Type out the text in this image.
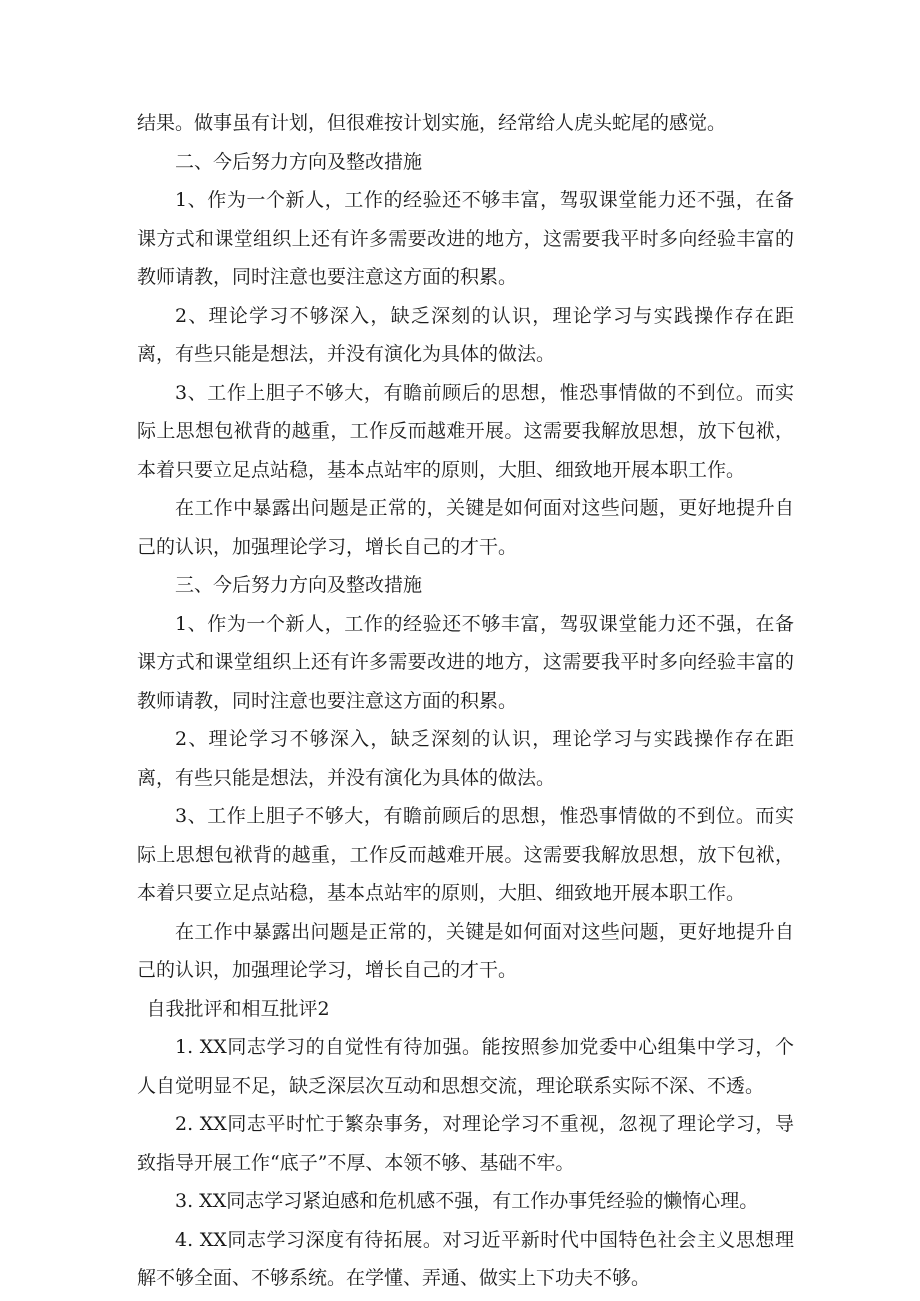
结果。做事虽有计划，但很难按计划实施，经常给人虎头蛇尾的感觉。

二、今后努力方向及整改措施

1、作为一个新人，工作的经验还不够丰富，驾驭课堂能力还不强，在备课方式和课堂组织上还有许多需要改进的地方，这需要我平时多向经验丰富的教师请教，同时注意也要注意这方面的积累。

2、理论学习不够深入，缺乏深刻的认识，理论学习与实践操作存在距离，有些只能是想法，并没有演化为具体的做法。

3、工作上胆子不够大，有瞻前顾后的思想，惟恐事情做的不到位。而实际上思想包袱背的越重，工作反而越难开展。这需要我解放思想，放下包袱，本着只要立足点站稳，基本点站牢的原则，大胆、细致地开展本职工作。

在工作中暴露出问题是正常的，关键是如何面对这些问题，更好地提升自己的认识，加强理论学习，增长自己的才干。

三、今后努力方向及整改措施

1、作为一个新人，工作的经验还不够丰富，驾驭课堂能力还不强，在备课方式和课堂组织上还有许多需要改进的地方，这需要我平时多向经验丰富的教师请教，同时注意也要注意这方面的积累。

2、理论学习不够深入，缺乏深刻的认识，理论学习与实践操作存在距离，有些只能是想法，并没有演化为具体的做法。

3、工作上胆子不够大，有瞻前顾后的思想，惟恐事情做的不到位。而实际上思想包袱背的越重，工作反而越难开展。这需要我解放思想，放下包袱，本着只要立足点站稳，基本点站牢的原则，大胆、细致地开展本职工作。

在工作中暴露出问题是正常的，关键是如何面对这些问题，更好地提升自己的认识，加强理论学习，增长自己的才干。

自我批评和相互批评2

1. XX同志学习的自觉性有待加强。能按照参加党委中心组集中学习，个人自觉明显不足，缺乏深层次互动和思想交流，理论联系实际不深、不透。

2. XX同志平时忙于繁杂事务，对理论学习不重视，忽视了理论学习，导致指导开展工作“底子”不厚、本领不够、基础不牢。

3. XX同志学习紧迫感和危机感不强，有工作办事凭经验的懒惰心理。

4. XX同志学习深度有待拓展。对习近平新时代中国特色社会主义思想理解不够全面、不够系统。在学懂、弄通、做实上下功夫不够。
